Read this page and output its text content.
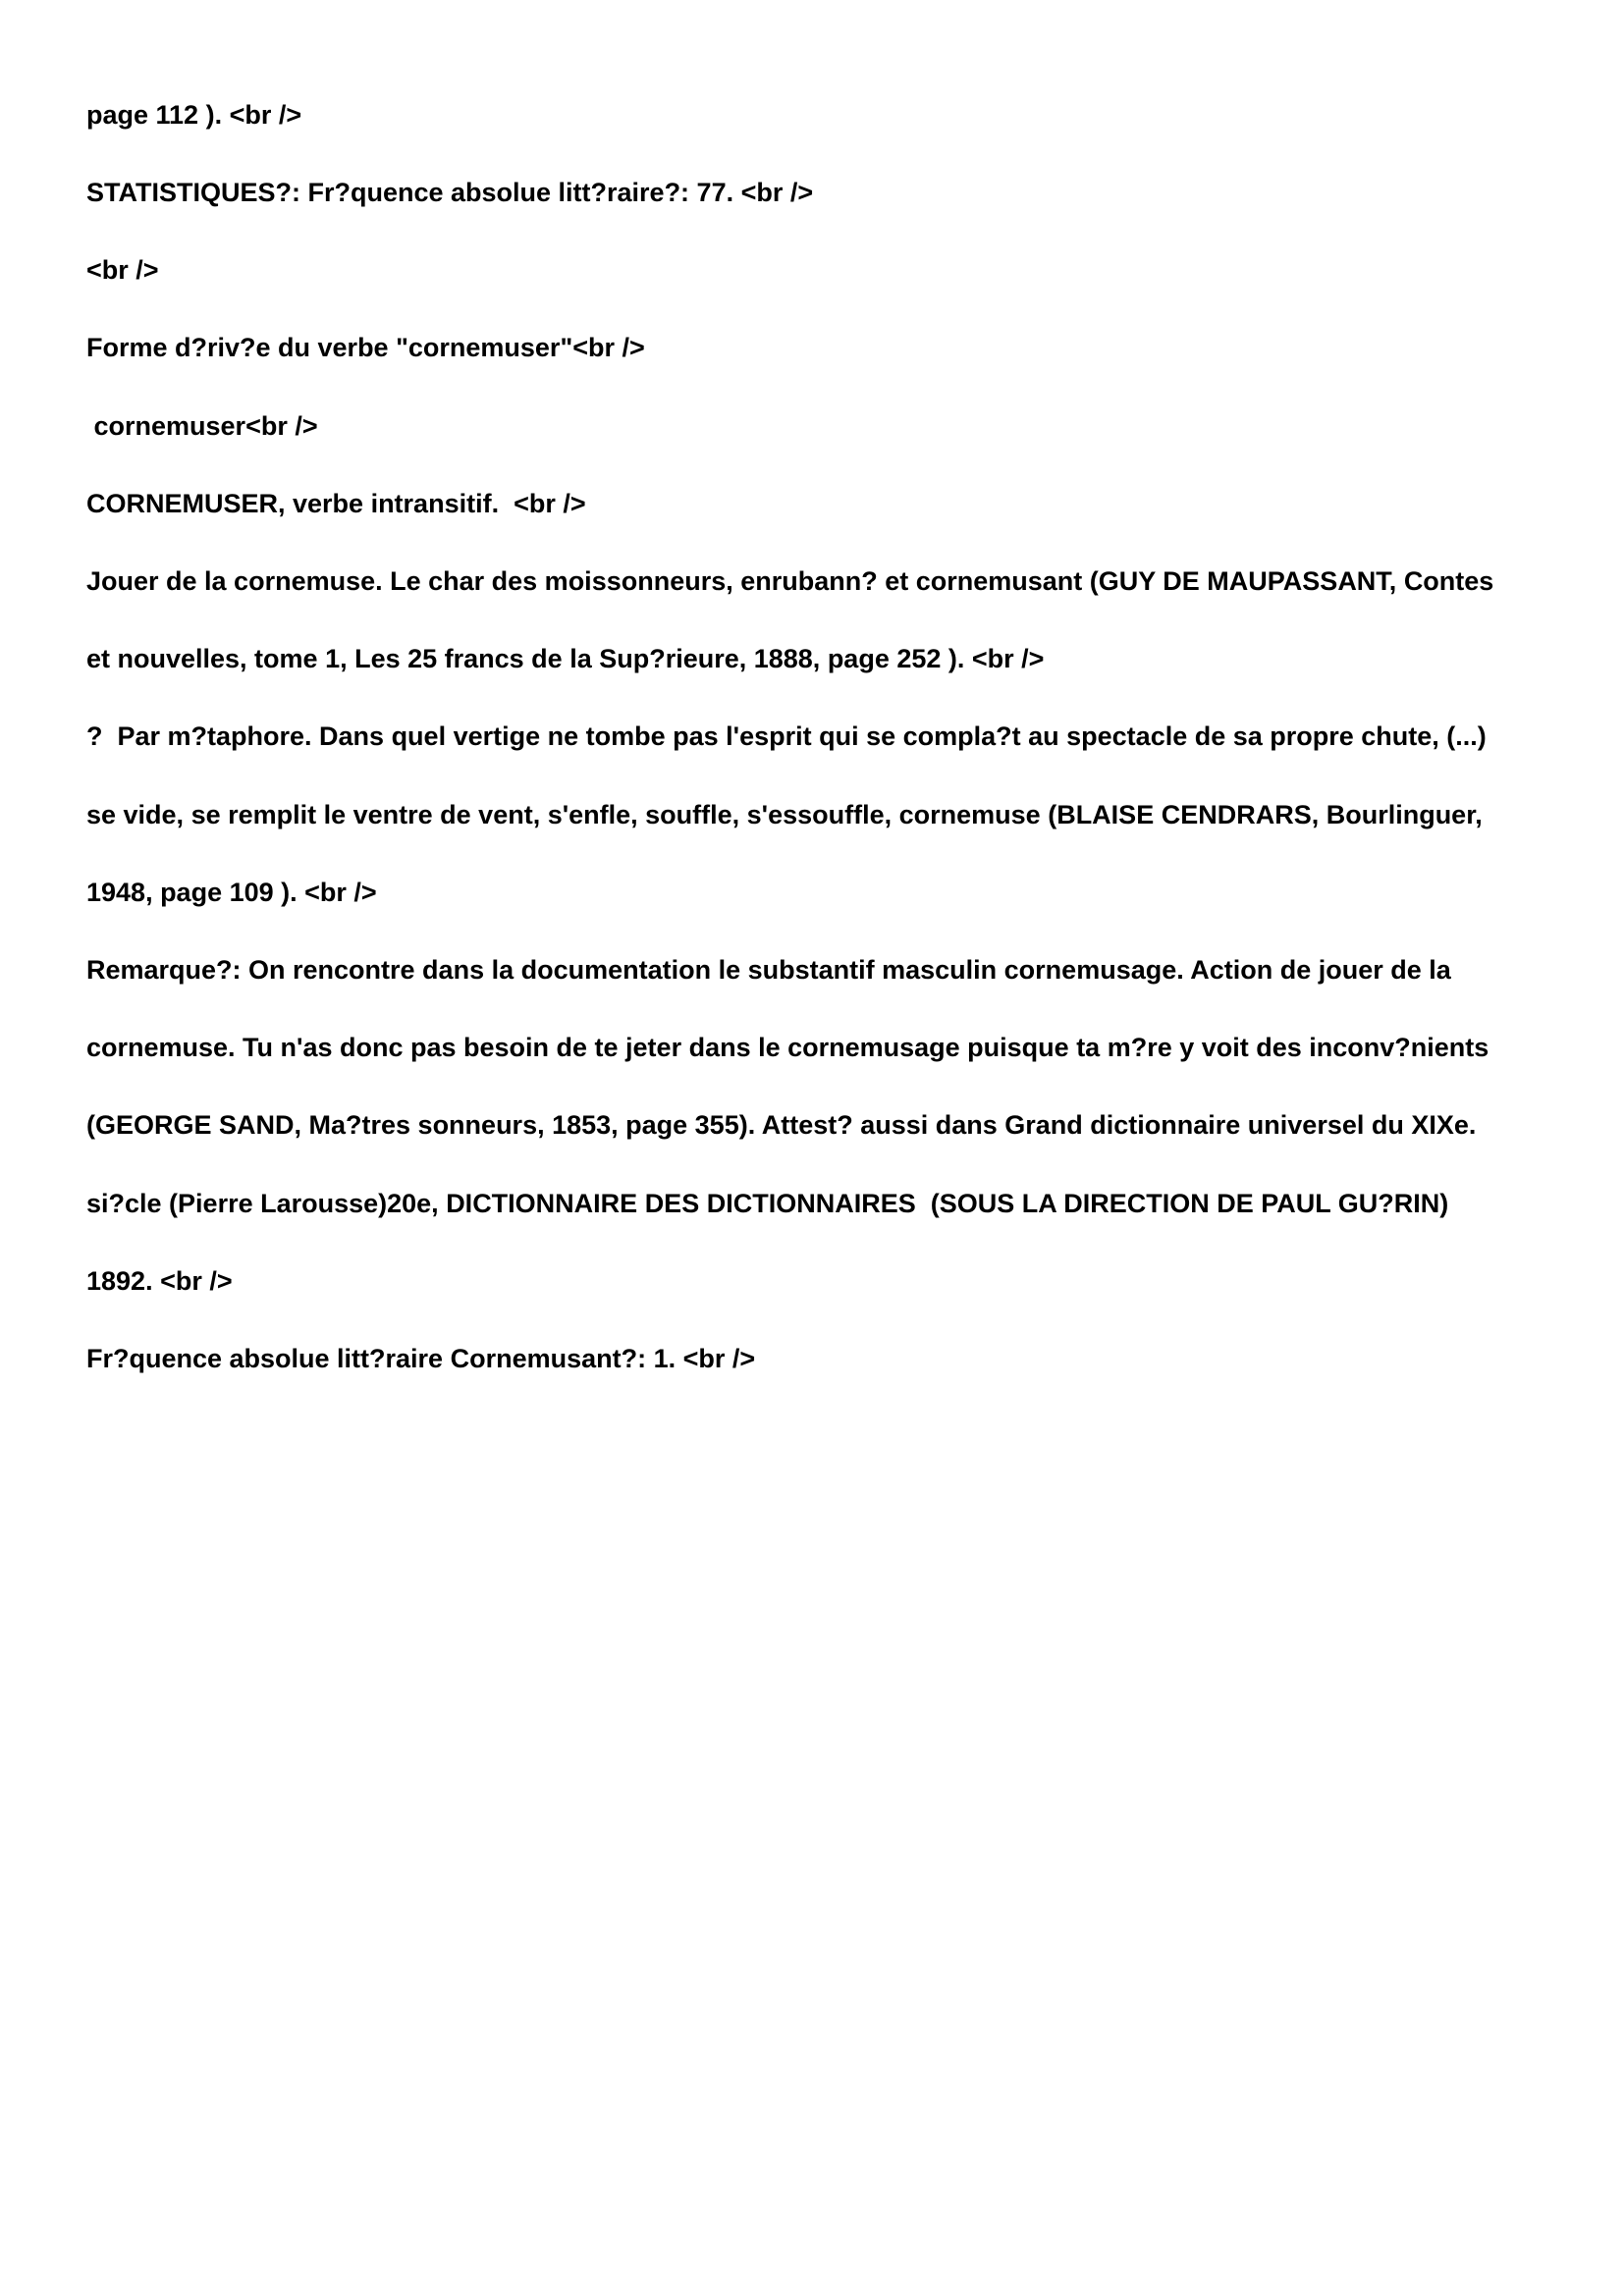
page 112 ). <br />

STATISTIQUES?: Fr?quence absolue litt?raire?: 77. <br />

<br />

Forme d?riv?e du verbe "cornemuser"<br />

cornemuser<br />

CORNEMUSER, verbe intransitif.  <br />

Jouer de la cornemuse. Le char des moissonneurs, enrubann? et cornemusant (GUY DE MAUPASSANT, Contes

et nouvelles, tome 1, Les 25 francs de la Sup?rieure, 1888, page 252 ). <br />

?  Par m?taphore. Dans quel vertige ne tombe pas l'esprit qui se compla?t au spectacle de sa propre chute, (...)

se vide, se remplit le ventre de vent, s'enfle, souffle, s'essouffle, cornemuse (BLAISE CENDRARS, Bourlinguer,

1948, page 109 ). <br />

Remarque?: On rencontre dans la documentation le substantif masculin cornemusage. Action de jouer de la

cornemuse. Tu n'as donc pas besoin de te jeter dans le cornemusage puisque ta m?re y voit des inconv?nients

(GEORGE SAND, Ma?tres sonneurs, 1853, page 355). Attest? aussi dans Grand dictionnaire universel du XIXe.

si?cle (Pierre Larousse)20e, DICTIONNAIRE DES DICTIONNAIRES  (SOUS LA DIRECTION DE PAUL GU?RIN)

1892. <br />

Fr?quence absolue litt?raire Cornemusant?: 1. <br />
